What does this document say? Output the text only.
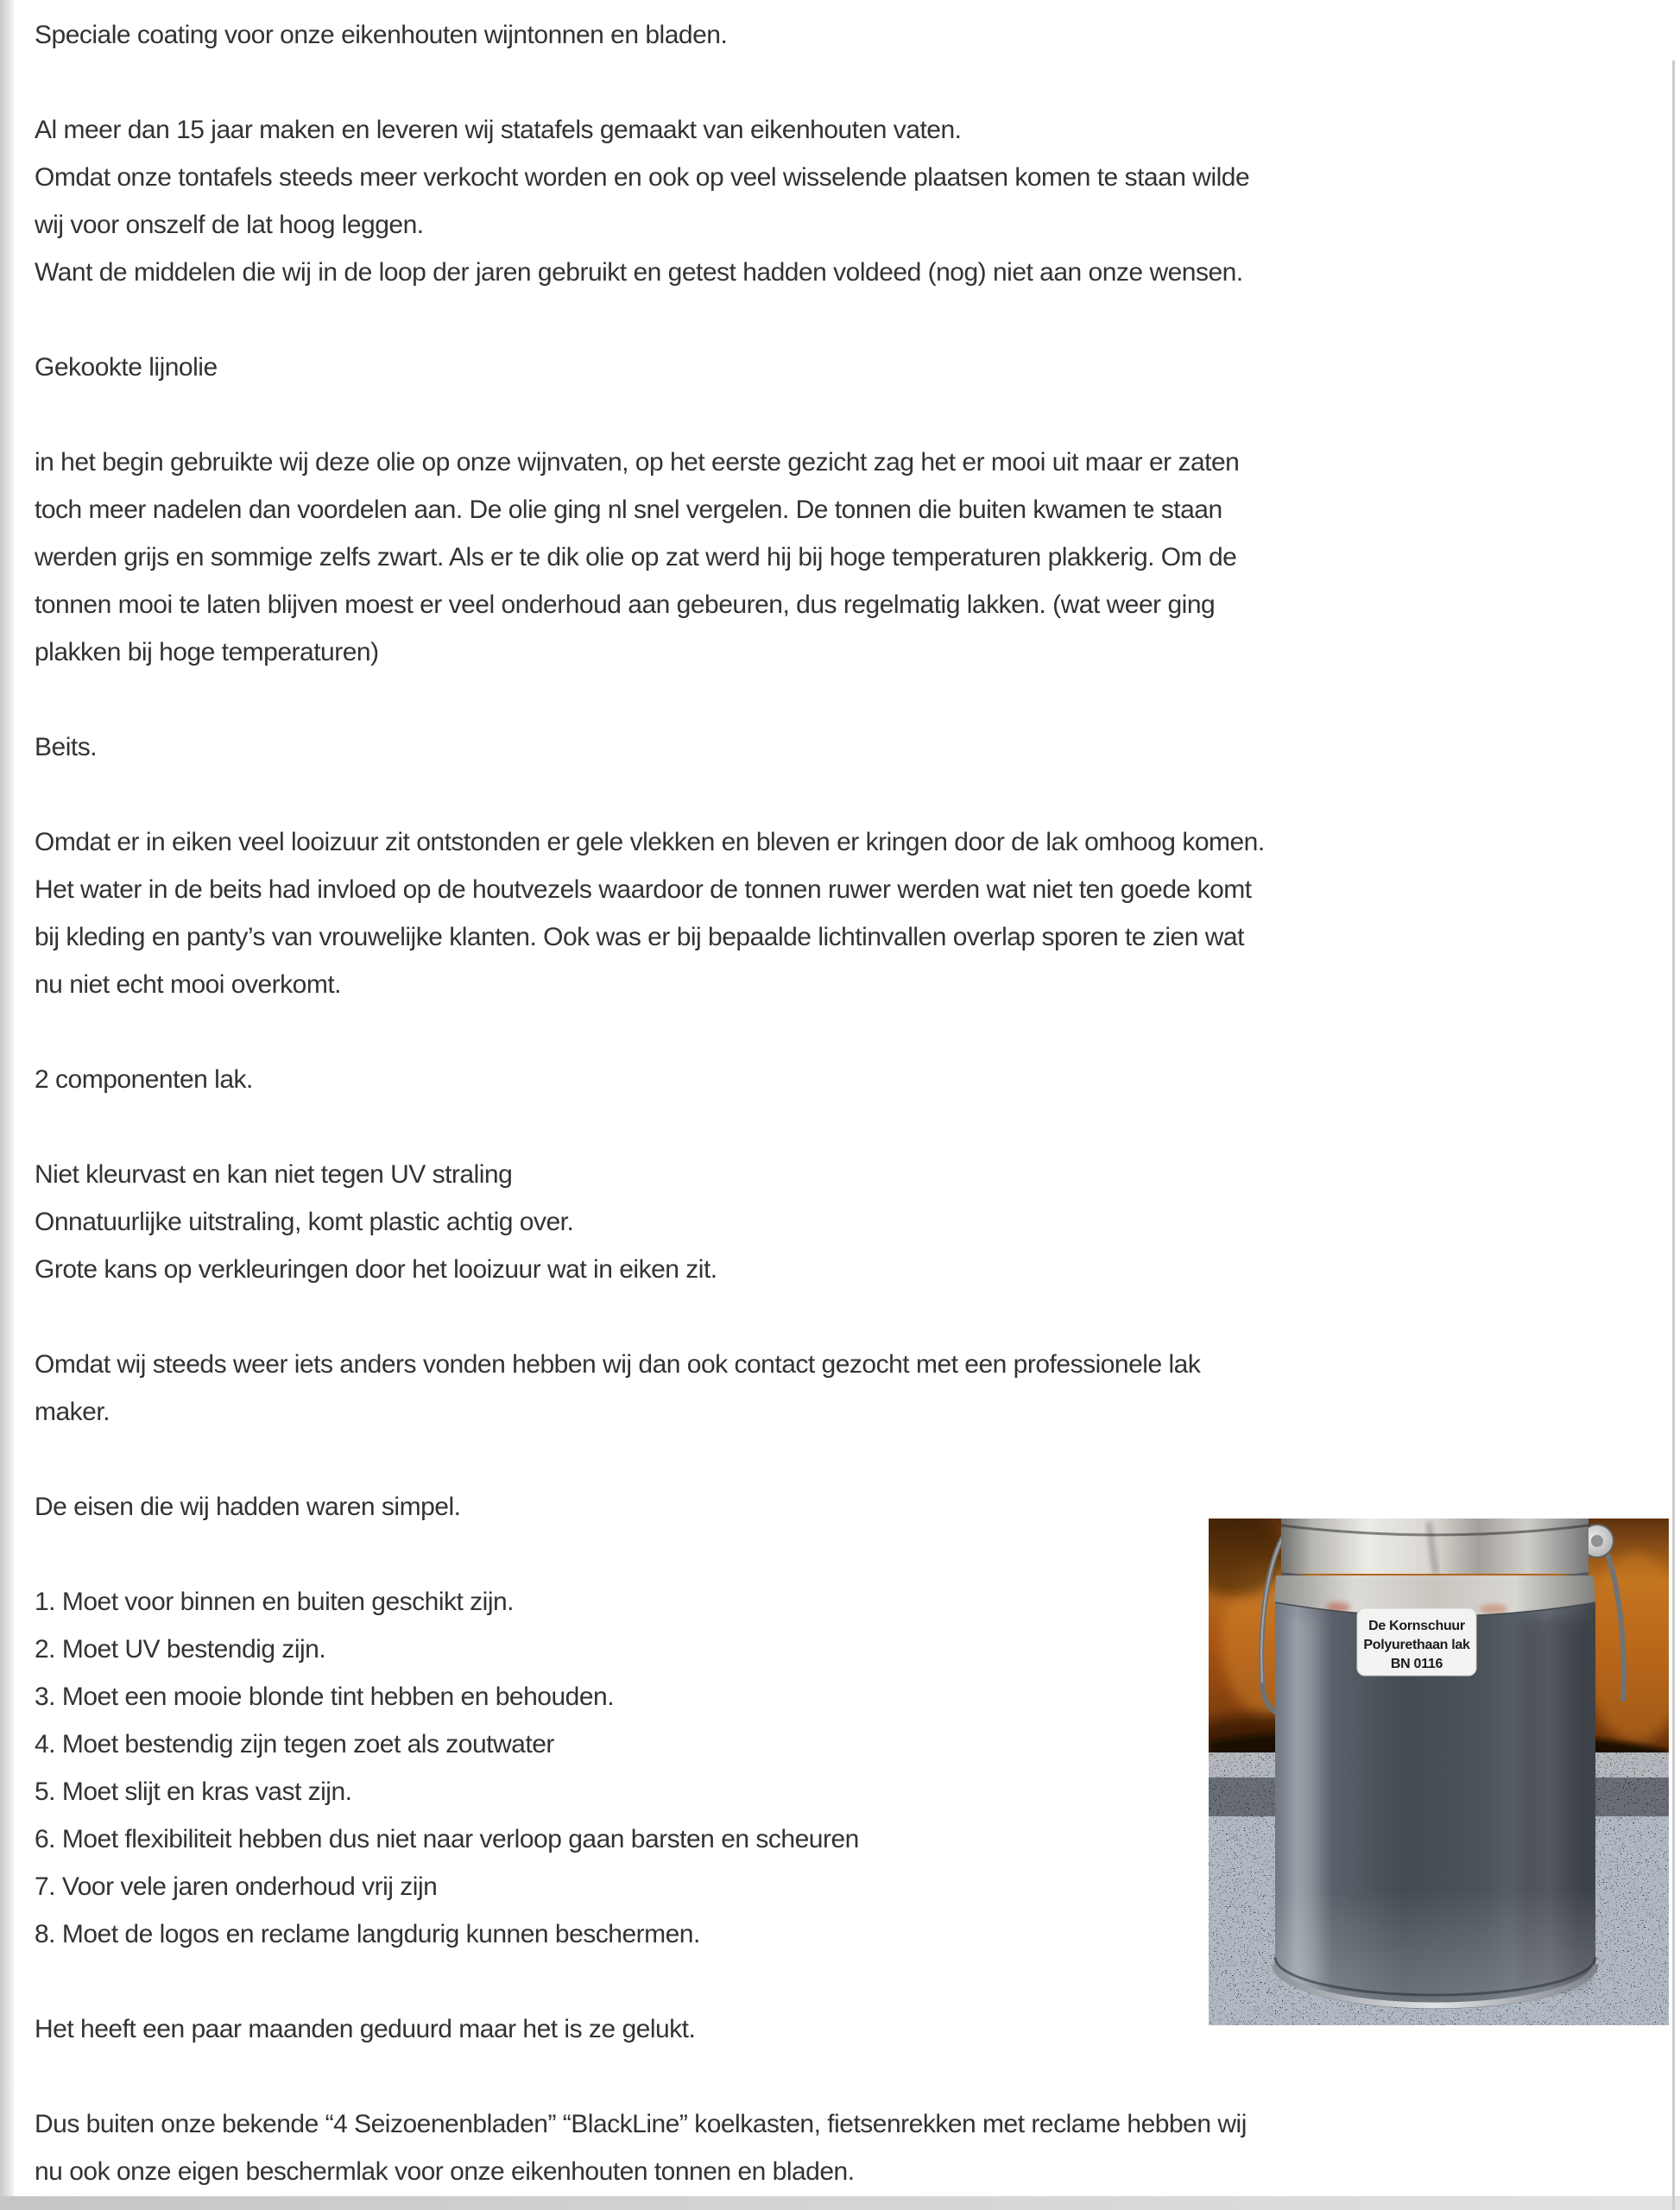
Speciale coating voor onze eikenhouten wijntonnen en bladen.
Al meer dan 15 jaar maken en leveren wij statafels gemaakt van eikenhouten vaten.
Omdat onze tontafels steeds meer verkocht worden en ook op veel wisselende plaatsen komen te staan wilde
wij voor onszelf de lat hoog leggen.
Want de middelen die wij in de loop der jaren gebruikt en getest hadden voldeed (nog) niet aan onze wensen.
Gekookte lijnolie
in het begin gebruikte wij deze olie op onze wijnvaten, op het eerste gezicht zag het er mooi uit maar er zaten
toch meer nadelen dan voordelen aan. De olie ging nl snel vergelen. De tonnen die buiten kwamen te staan
werden grijs en sommige zelfs zwart. Als er te dik olie op zat werd hij bij hoge temperaturen plakkerig. Om de
tonnen mooi te laten blijven moest er veel onderhoud aan gebeuren, dus regelmatig lakken. (wat weer ging
plakken bij hoge temperaturen)
Beits.
Omdat er in eiken veel looizuur zit ontstonden er gele vlekken en bleven er kringen door de lak omhoog komen.
Het water in de beits had invloed op de houtvezels waardoor de tonnen ruwer werden wat niet ten goede komt
bij kleding en panty’s van vrouwelijke klanten. Ook was er bij bepaalde lichtinvallen overlap sporen te zien wat
nu niet echt mooi overkomt.
2 componenten lak.
Niet kleurvast en kan niet tegen UV straling
Onnatuurlijke uitstraling, komt plastic achtig over.
Grote kans op verkleuringen door het looizuur wat in eiken zit.
Omdat wij steeds weer iets anders vonden hebben wij dan ook contact gezocht met een professionele lak
maker.
De eisen die wij hadden waren simpel.
1. Moet voor binnen en buiten geschikt zijn.
2. Moet UV bestendig zijn.
3. Moet een mooie blonde tint hebben en behouden.
4. Moet bestendig zijn tegen zoet als zoutwater
5. Moet slijt en kras vast zijn.
6. Moet flexibiliteit hebben dus niet naar verloop gaan barsten en scheuren
7. Voor vele jaren onderhoud vrij zijn
8. Moet de logos en reclame langdurig kunnen beschermen.
Het heeft een paar maanden geduurd maar het is ze gelukt.
Dus buiten onze bekende “4 Seizoenenbladen” “BlackLine” koelkasten, fietsenrekken met reclame hebben wij
nu ook onze eigen beschermlak voor onze eikenhouten tonnen en bladen.
De Kornschuur
Polyurethaan lak
BN 0116
